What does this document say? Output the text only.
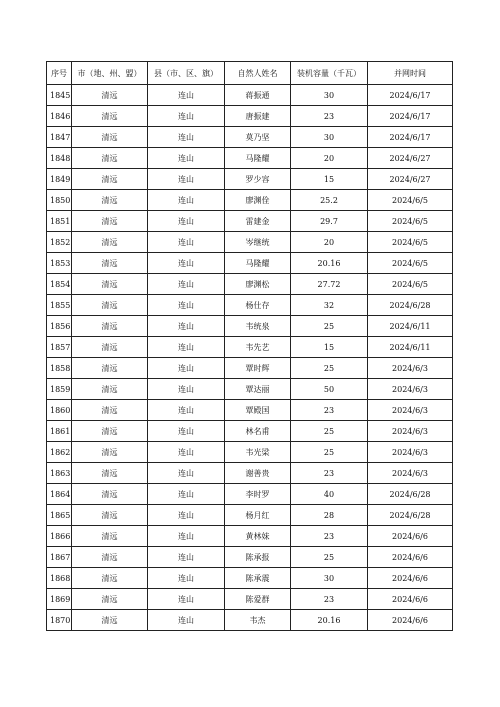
序号	市（地、州、盟）	县（市、区、旗）	自然人姓名	装机容量（千瓦）	并网时间
1845	清远	连山	蒋振通	30	2024/6/17
1846	清远	连山	唐振建	23	2024/6/17
1847	清远	连山	莫乃坚	30	2024/6/17
1848	清远	连山	马隆耀	20	2024/6/27
1849	清远	连山	罗少容	15	2024/6/27
1850	清远	连山	廖渊佺	25.2	2024/6/5
1851	清远	连山	雷建金	29.7	2024/6/5
1852	清远	连山	岑继统	20	2024/6/5
1853	清远	连山	马隆耀	20.16	2024/6/5
1854	清远	连山	廖渊松	27.72	2024/6/5
1855	清远	连山	杨仕存	32	2024/6/28
1856	清远	连山	韦统泉	25	2024/6/11
1857	清远	连山	韦先艺	15	2024/6/11
1858	清远	连山	覃时辉	25	2024/6/3
1859	清远	连山	覃达丽	50	2024/6/3
1860	清远	连山	覃殿国	23	2024/6/3
1861	清远	连山	林名甫	25	2024/6/3
1862	清远	连山	韦光梁	25	2024/6/3
1863	清远	连山	谢善贵	23	2024/6/3
1864	清远	连山	李时罗	40	2024/6/28
1865	清远	连山	杨月红	28	2024/6/28
1866	清远	连山	黄林妹	23	2024/6/6
1867	清远	连山	陈承报	25	2024/6/6
1868	清远	连山	陈承震	30	2024/6/6
1869	清远	连山	陈爱群	23	2024/6/6
1870	清远	连山	韦杰	20.16	2024/6/6
